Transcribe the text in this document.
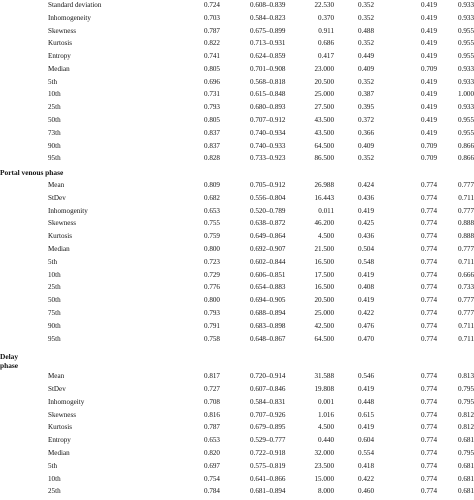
Standard deviation	0.724	0.608–0.839	22.530	0.352	0.419	0.933
Inhomogeneity	0.703	0.584–0.823	0.370	0.352	0.419	0.933
Skewness	0.787	0.675–0.899	0.911	0.488	0.419	0.955
Kurtosis	0.822	0.713–0.931	0.686	0.352	0.419	0.955
Entropy	0.741	0.624–0.859	0.417	0.449	0.419	0.955
Median	0.805	0.701–0.908	23.000	0.409	0.709	0.933
5th	0.696	0.568–0.818	20.500	0.352	0.419	0.933
10th	0.731	0.615–0.848	25.000	0.387	0.419	1.000
25th	0.793	0.680–0.893	27.500	0.395	0.419	0.933
50th	0.805	0.707–0.912	43.500	0.372	0.419	0.955
73th	0.837	0.740–0.934	43.500	0.366	0.419	0.955
90th	0.837	0.740–0.933	64.500	0.409	0.709	0.866
95th	0.828	0.733–0.923	86.500	0.352	0.709	0.866
Portal venous phase
Mean	0.809	0.705–0.912	26.988	0.424	0.774	0.777
StDev	0.682	0.556–0.804	16.443	0.436	0.774	0.711
Inhomogenity	0.653	0.520–0.789	0.011	0.419	0.774	0.777
Skewness	0.755	0.638–0.872	46.200	0.425	0.774	0.888
Kurtosis	0.759	0.649–0.864	4.500	0.436	0.774	0.888
Median	0.800	0.692–0.907	21.500	0.504	0.774	0.777
5th	0.723	0.602–0.844	16.500	0.548	0.774	0.711
10th	0.729	0.606–0.851	17.500	0.419	0.774	0.666
25th	0.776	0.654–0.883	16.500	0.408	0.774	0.733
50th	0.800	0.694–0.905	20.500	0.419	0.774	0.777
75th	0.793	0.688–0.894	25.000	0.422	0.774	0.777
90th	0.791	0.683–0.898	42.500	0.476	0.774	0.711
95th	0.758	0.648–0.867	64.500	0.470	0.774	0.711
Delay phase
Mean	0.817	0.720–0.914	31.588	0.546	0.774	0.813
StDev	0.727	0.607–0.846	19.808	0.419	0.774	0.795
Inhomogeity	0.708	0.584–0.831	0.001	0.448	0.774	0.795
Skewness	0.816	0.707–0.926	1.016	0.615	0.774	0.812
Kurtosis	0.787	0.679–0.895	4.500	0.419	0.774	0.812
Entropy	0.653	0.529–0.777	0.440	0.604	0.774	0.681
Median	0.820	0.722–0.918	32.000	0.554	0.774	0.795
5th	0.697	0.575–0.819	23.500	0.418	0.774	0.681
10th	0.754	0.641–0.866	15.000	0.422	0.774	0.681
25th	0.784	0.681–0.894	8.000	0.460	0.774	0.681
